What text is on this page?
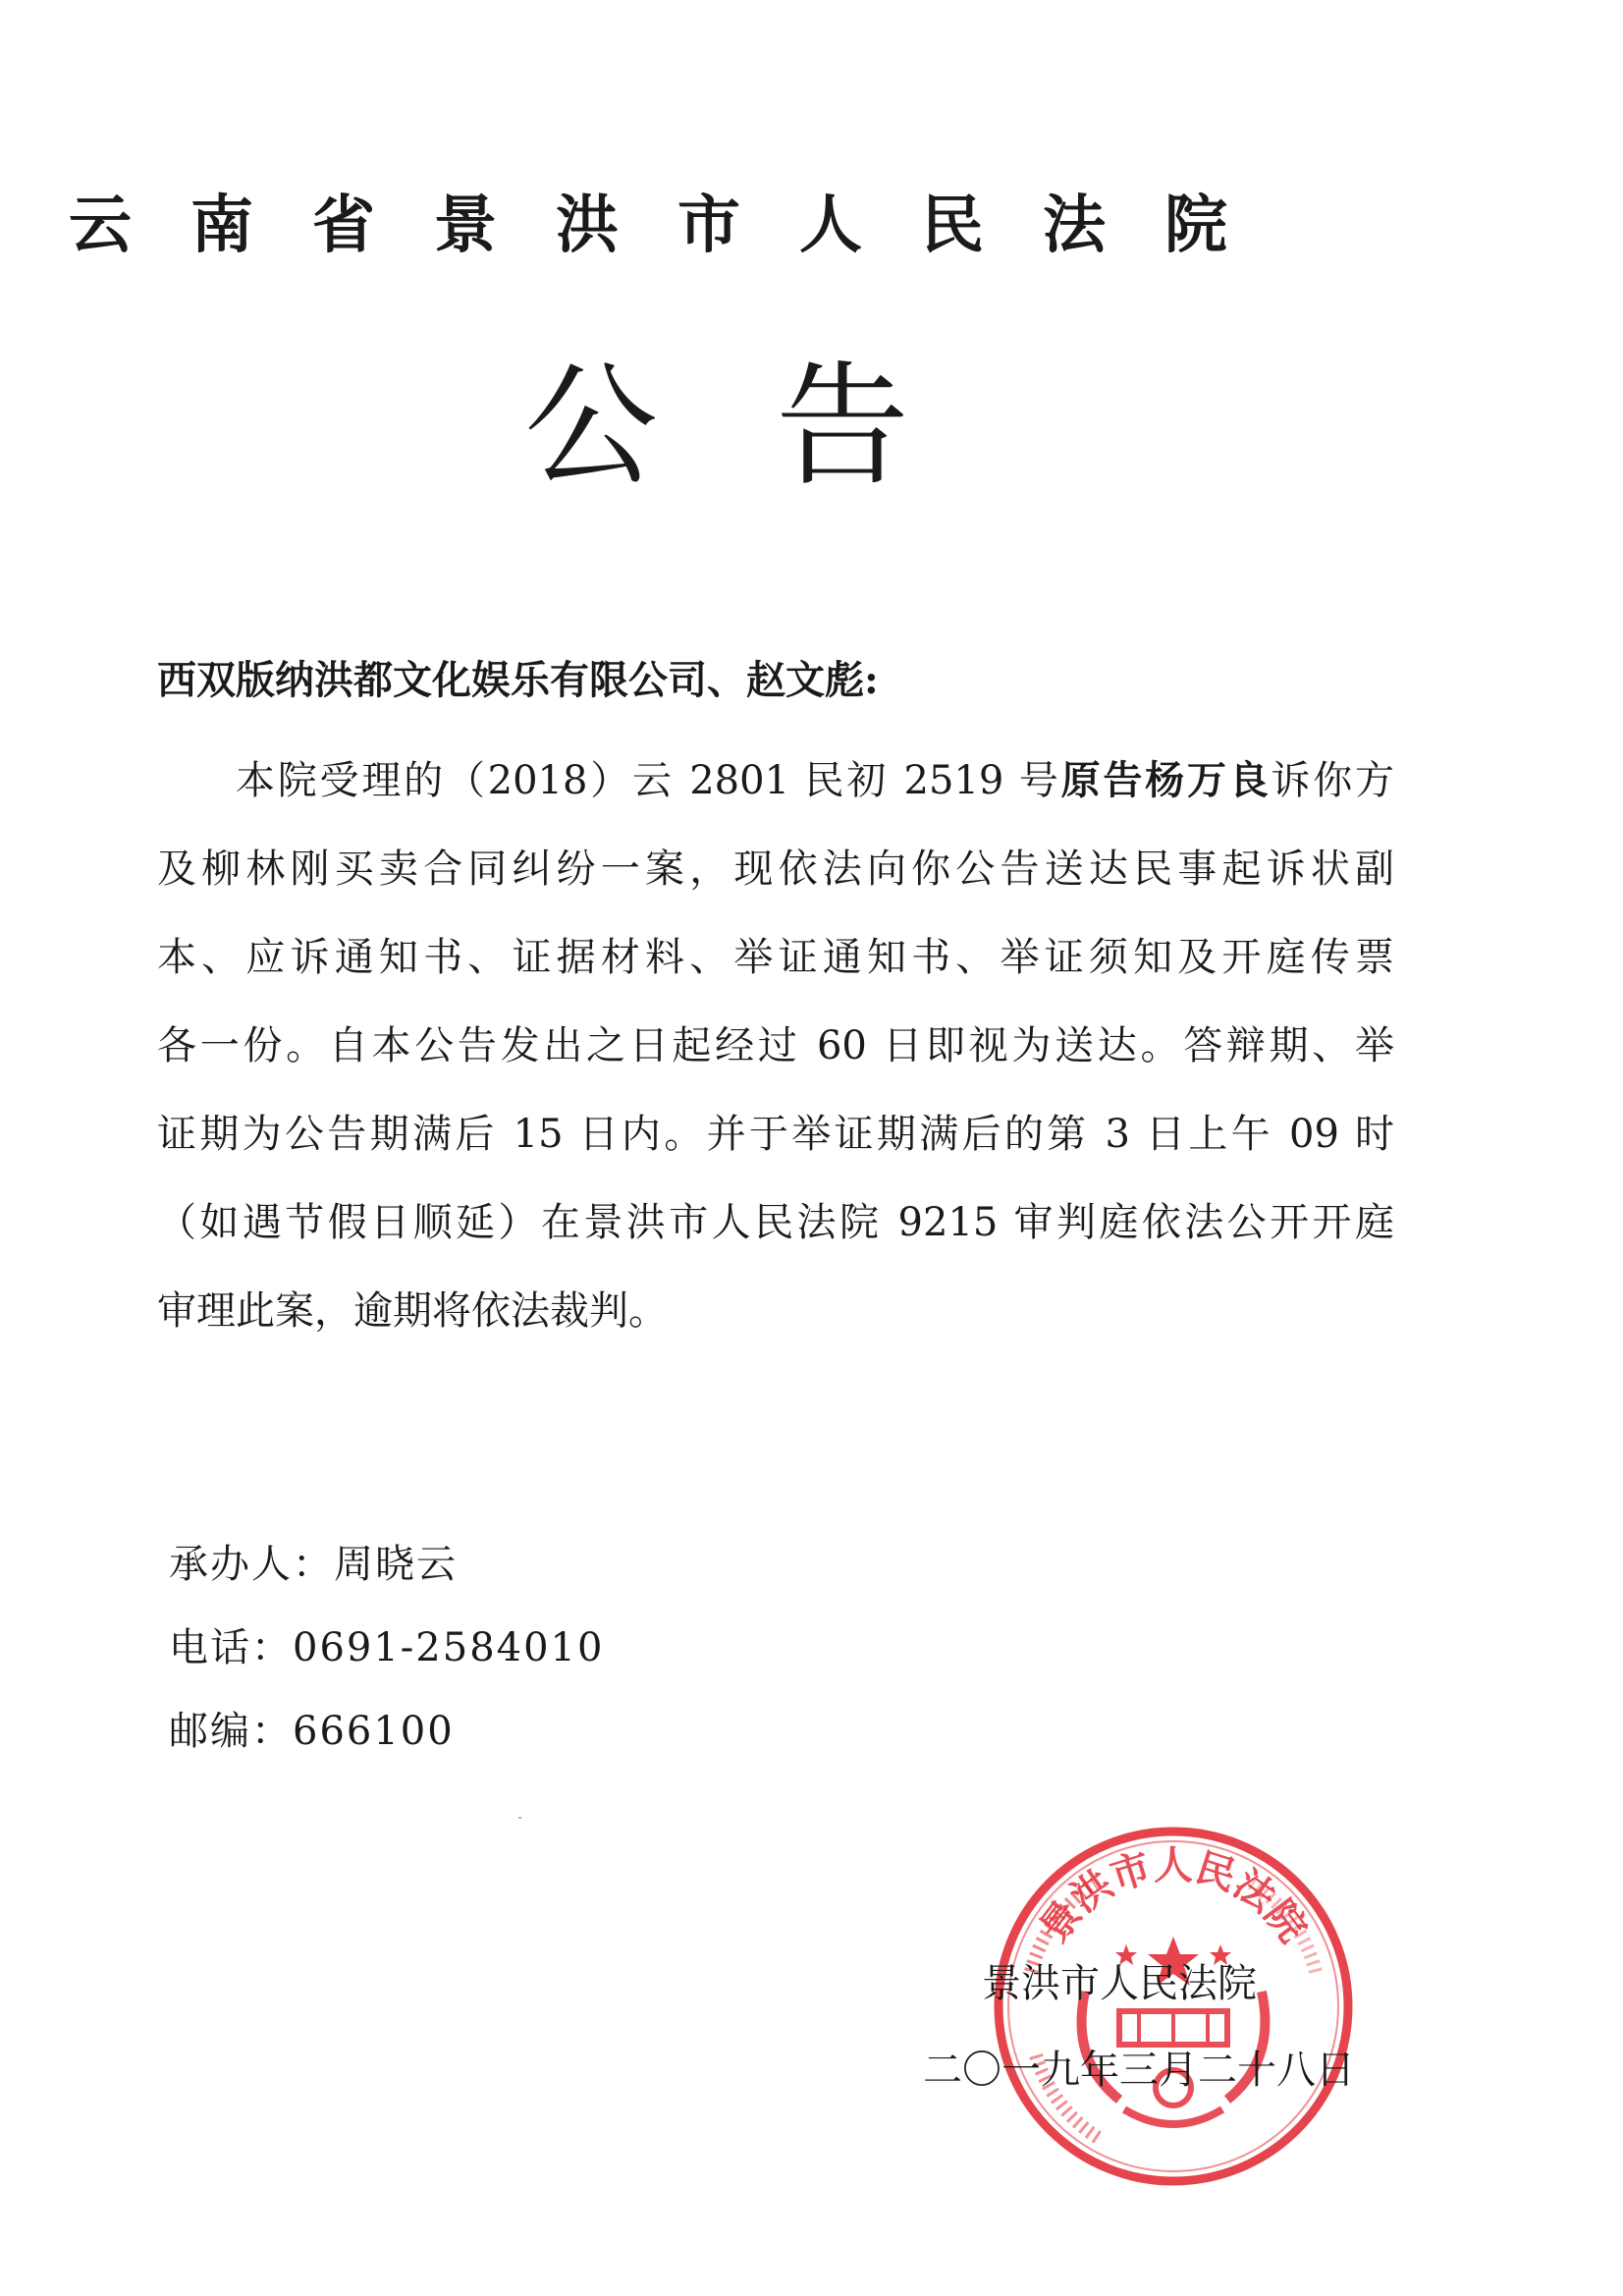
云南省景洪市人民法院
公告
西双版纳洪都文化娱乐有限公司、赵文彪:
本院受理的（2018）云 2801 民初 2519 号原告杨万良诉你方
及柳林刚买卖合同纠纷一案，现依法向你公告送达民事起诉状副
本、应诉通知书、证据材料、举证通知书、举证须知及开庭传票
各一份。自本公告发出之日起经过 60 日即视为送达。答辩期、举
证期为公告期满后 15 日内。并于举证期满后的第 3 日上午 09 时
（如遇节假日顺延）在景洪市人民法院 9215 审判庭依法公开开庭
审理此案，逾期将依法裁判。
承办人：周晓云
电话：0691-2584010
邮编：666100
景洪市人民法院
景洪市人民法院
二〇一九年三月二十八日
